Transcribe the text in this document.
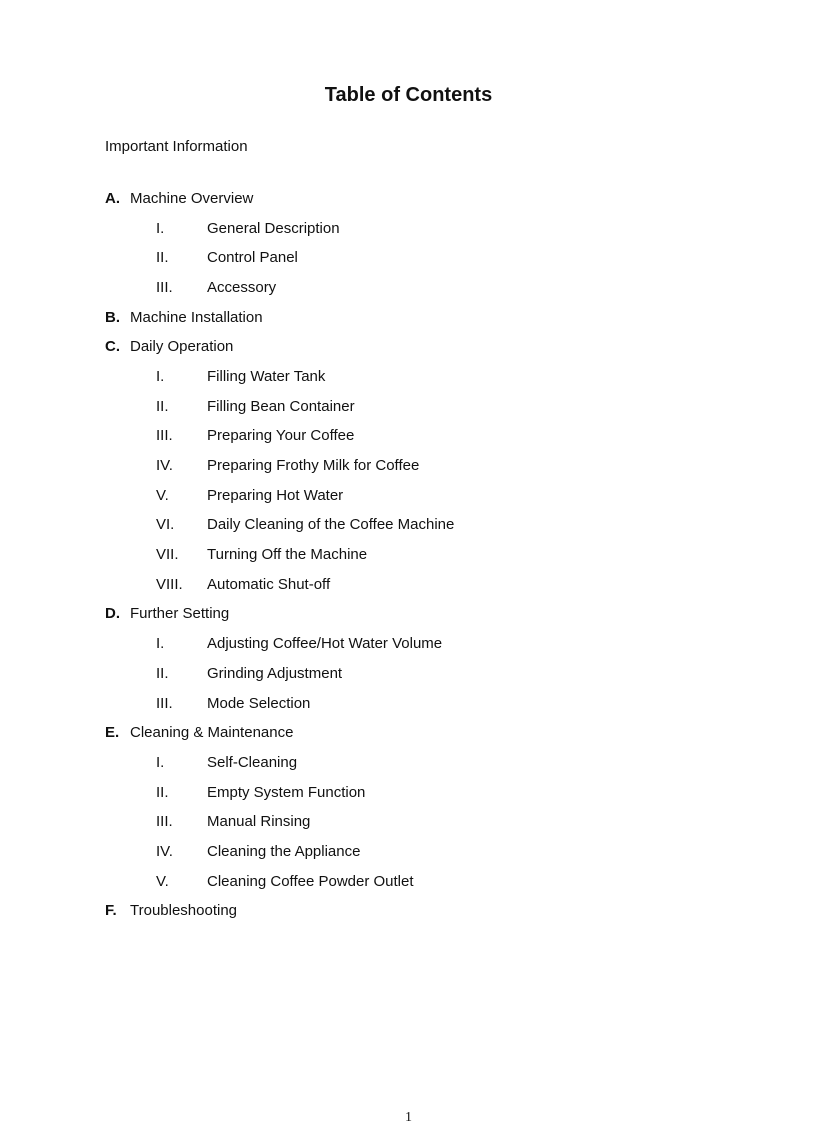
Table of Contents
Important Information
A. Machine Overview
I.	General Description
II.	Control Panel
III.	Accessory
B. Machine Installation
C. Daily Operation
I.	Filling Water Tank
II.	Filling Bean Container
III.	Preparing Your Coffee
IV.	Preparing Frothy Milk for Coffee
V.	Preparing Hot Water
VI.	Daily Cleaning of the Coffee Machine
VII.	Turning Off the Machine
VIII.	Automatic Shut-off
D. Further Setting
I.	Adjusting Coffee/Hot Water Volume
II.	Grinding Adjustment
III.	Mode Selection
E. Cleaning & Maintenance
I.	Self-Cleaning
II.	Empty System Function
III.	Manual Rinsing
IV.	Cleaning the Appliance
V.	Cleaning Coffee Powder Outlet
F. Troubleshooting
1
